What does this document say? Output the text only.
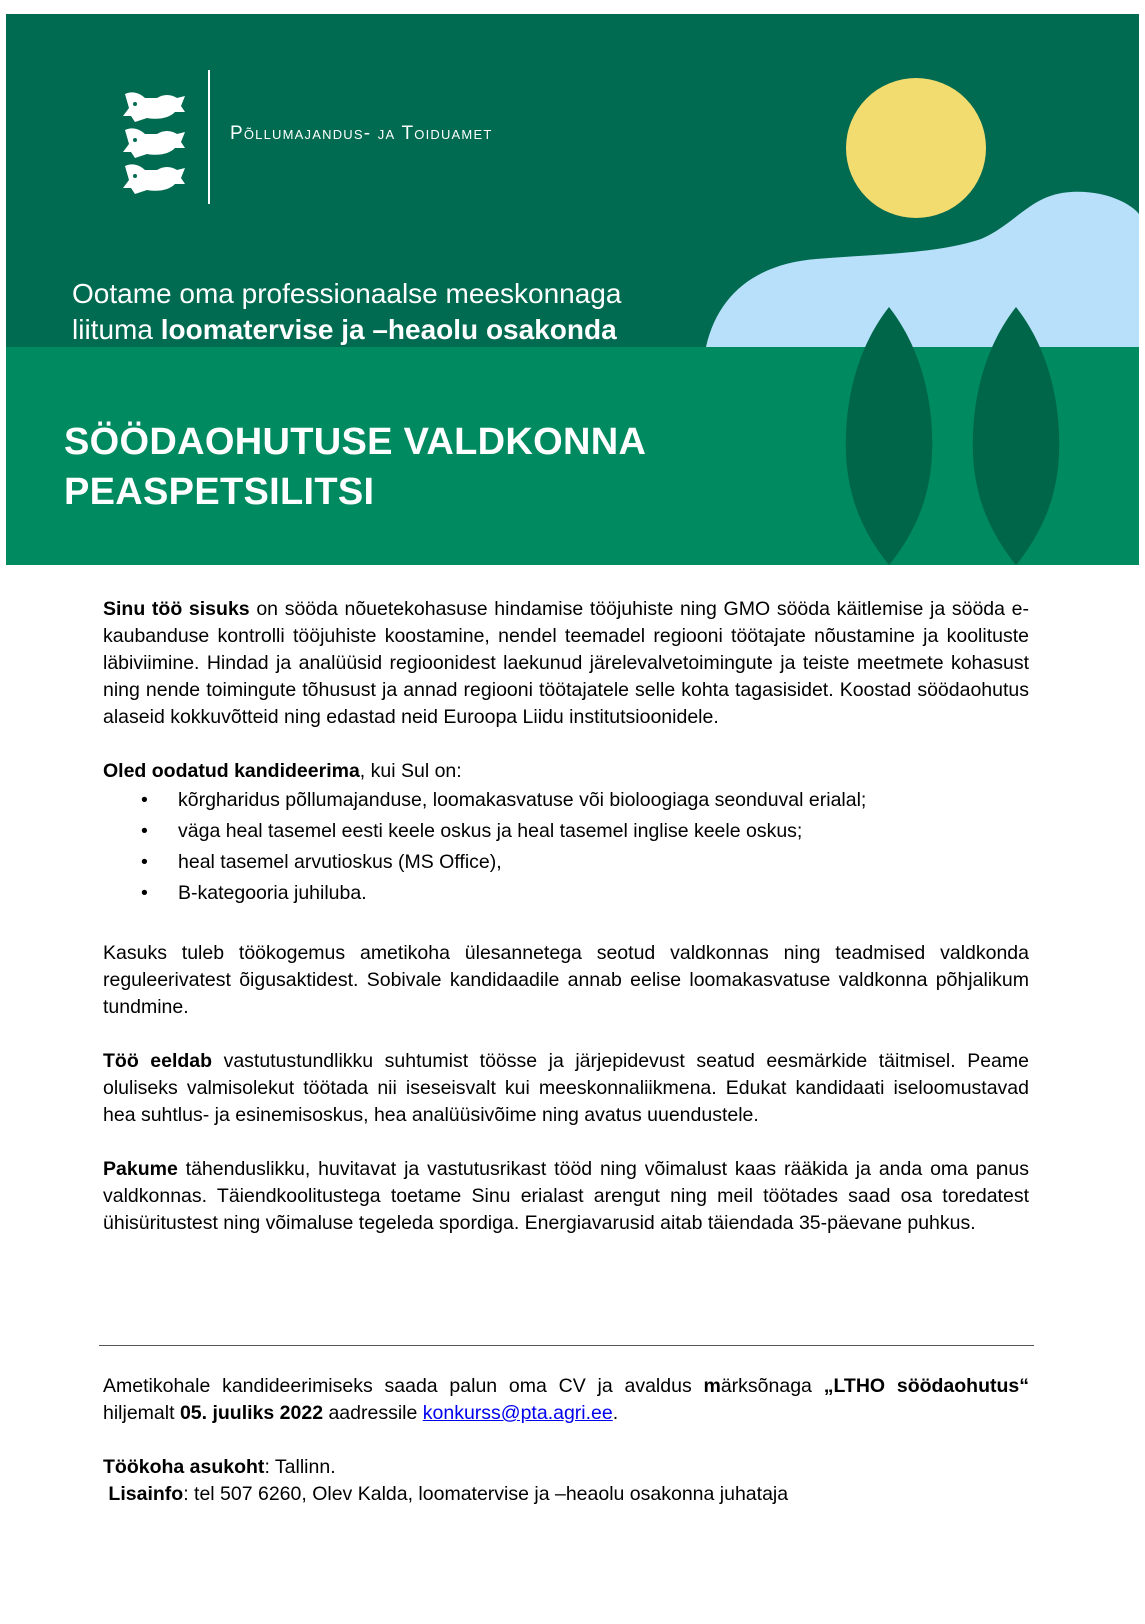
Põllumajandus- ja Toiduamet
Ootame oma professionaalse meeskonnaga
liituma loomatervise ja –heaolu osakonda
SÖÖDAOHUTUSE VALDKONNA
PEASPETSILITSI

Sinu töö sisuks on sööda nõuetekohasuse hindamise tööjuhiste ning GMO sööda käitlemise ja sööda e-kaubanduse kontrolli tööjuhiste koostamine, nendel teemadel regiooni töötajate nõustamine ja koolituste läbiviimine. Hindad ja analüüsid regioonidest laekunud järelevalvetoimingute ja teiste meetmete kohasust ning nende toimingute tõhusust ja annad regiooni töötajatele selle kohta tagasisidet. Koostad söödaohutus alaseid kokkuvõtteid ning edastad neid Euroopa Liidu institutsioonidele.

Oled oodatud kandideerima, kui Sul on:

• kõrgharidus põllumajanduse, loomakasvatuse või bioloogiaga seonduval erialal;
• väga heal tasemel eesti keele oskus ja heal tasemel inglise keele oskus;
• heal tasemel arvutioskus (MS Office),
• B-kategooria juhiluba.

Kasuks tuleb töökogemus ametikoha ülesannetega seotud valdkonnas ning teadmised valdkonda reguleerivatest õigusaktidest. Sobivale kandidaadile annab eelise loomakasvatuse valdkonna põhjalikum tundmine.

Töö eeldab vastutustundlikku suhtumist töösse ja järjepidevust seatud eesmärkide täitmisel. Peame oluliseks valmisolekut töötada nii iseseisvalt kui meeskonnaliikmena. Edukat kandidaati iseloomustavad hea suhtlus- ja esinemisoskus, hea analüüsivõime ning avatus uuendustele.

Pakume tähenduslikku, huvitavat ja vastutusrikast tööd ning võimalust kaas rääkida ja anda oma panus valdkonnas. Täiendkoolitustega toetame Sinu erialast arengut ning meil töötades saad osa toredatest ühisüritustest ning võimaluse tegeleda spordiga. Energiavarusid aitab täiendada 35-päevane puhkus.

Ametikohale kandideerimiseks saada palun oma CV ja avaldus märksõnaga „LTHO söödaohutus“ hiljemalt 05. juuliks 2022 aadressile konkurss@pta.agri.ee.

Töökoha asukoht: Tallinn.

Lisainfo: tel 507 6260, Olev Kalda, loomatervise ja –heaolu osakonna juhataja
